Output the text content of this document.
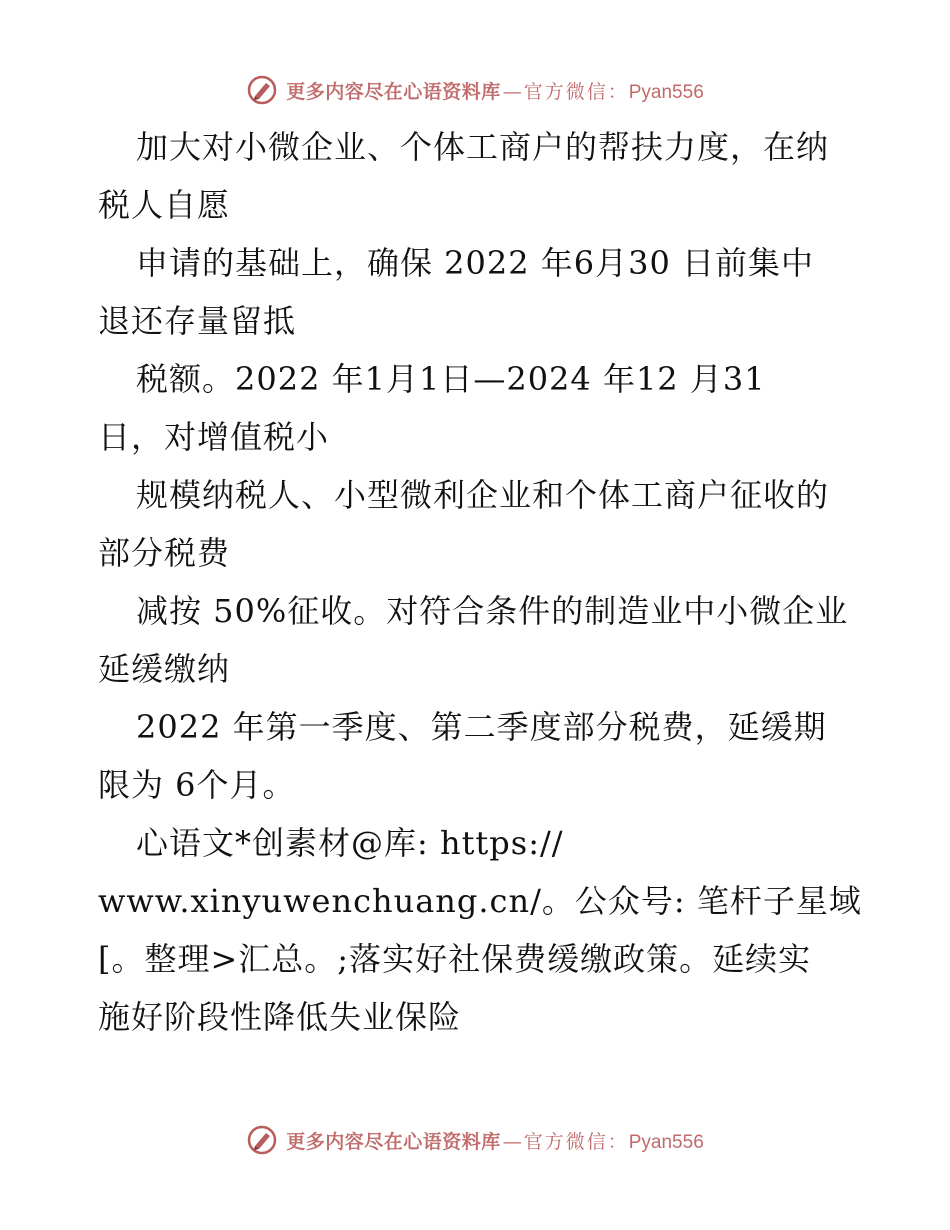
更多内容尽在心语资料库 — 官方微信： Pyan556
加大对小微企业、个体工商户的帮扶力度，在纳
税人自愿
申请的基础上，确保 2022 年6月30 日前集中
退还存量留抵
税额。2022 年1月1日—2024 年12 月31
日，对增值税小
规模纳税人、小型微利企业和个体工商户征收的
部分税费
减按 50%征收。对符合条件的制造业中小微企业
延缓缴纳
2022 年第一季度、第二季度部分税费，延缓期
限为 6个月。
心语文*创素材@库: https://
www.xinyuwenchuang.cn/。公众号: 笔杆子星域
[。整理>汇总。;落实好社保费缓缴政策。延续实
施好阶段性降低失业保险
更多内容尽在心语资料库 — 官方微信： Pyan556
